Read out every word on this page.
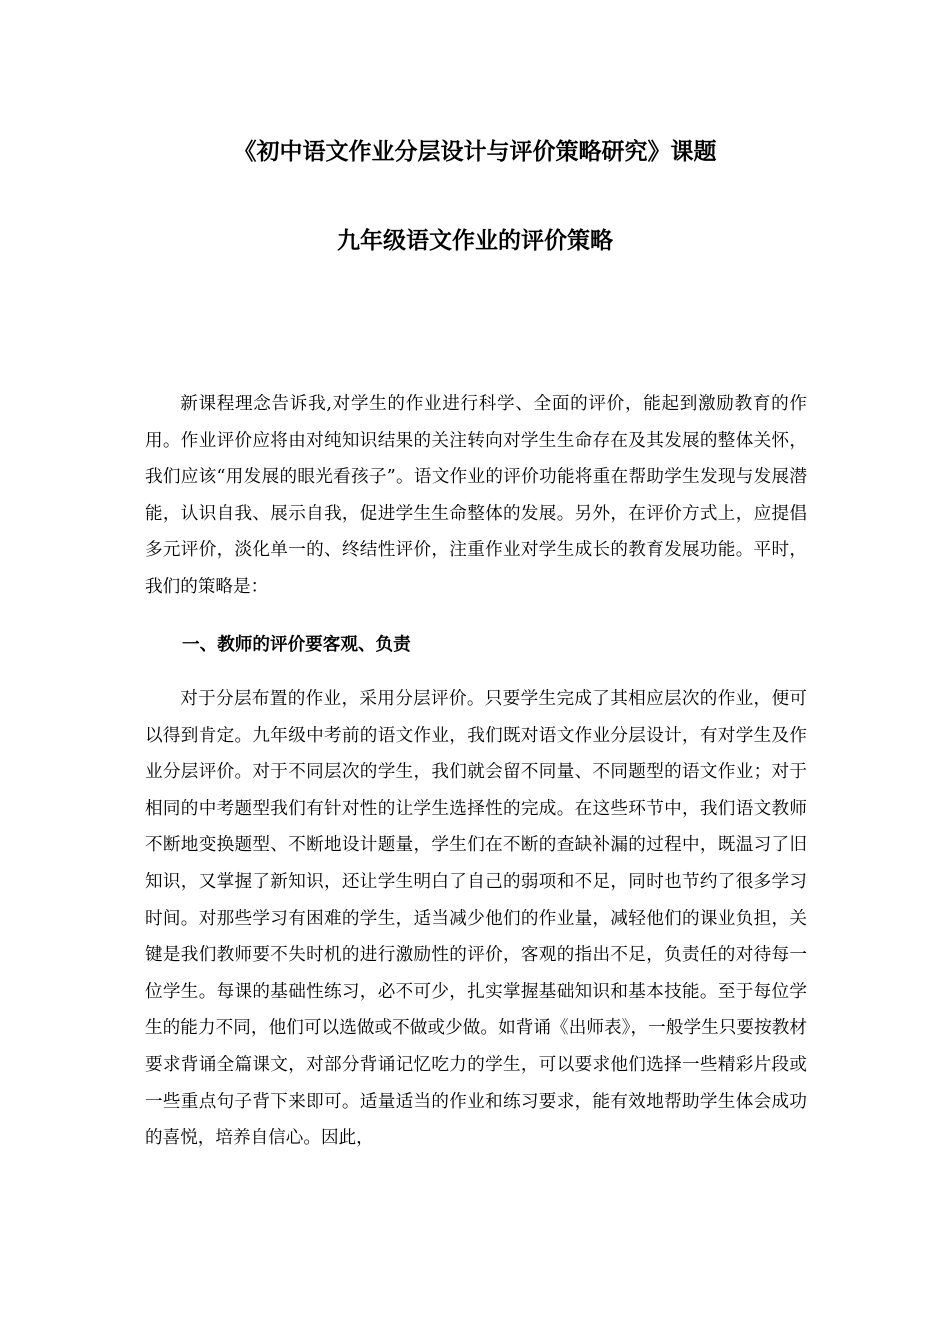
《初中语文作业分层设计与评价策略研究》课题
九年级语文作业的评价策略

新课程理念告诉我,对学生的作业进行科学、全面的评价，能起到激励教育的作用。作业评价应将由对纯知识结果的关注转向对学生生命存在及其发展的整体关怀，我们应该“用发展的眼光看孩子”。语文作业的评价功能将重在帮助学生发现与发展潜能，认识自我、展示自我，促进学生生命整体的发展。另外，在评价方式上，应提倡多元评价，淡化单一的、终结性评价，注重作业对学生成长的教育发展功能。平时，我们的策略是：

一、教师的评价要客观、负责

对于分层布置的作业，采用分层评价。只要学生完成了其相应层次的作业，便可以得到肯定。九年级中考前的语文作业，我们既对语文作业分层设计，有对学生及作业分层评价。对于不同层次的学生，我们就会留不同量、不同题型的语文作业；对于相同的中考题型我们有针对性的让学生选择性的完成。在这些环节中，我们语文教师不断地变换题型、不断地设计题量，学生们在不断的查缺补漏的过程中，既温习了旧知识，又掌握了新知识，还让学生明白了自己的弱项和不足，同时也节约了很多学习时间。对那些学习有困难的学生，适当减少他们的作业量，减轻他们的课业负担，关键是我们教师要不失时机的进行激励性的评价，客观的指出不足，负责任的对待每一位学生。每课的基础性练习，必不可少，扎实掌握基础知识和基本技能。至于每位学生的能力不同，他们可以选做或不做或少做。如背诵《出师表》，一般学生只要按教材要求背诵全篇课文，对部分背诵记忆吃力的学生，可以要求他们选择一些精彩片段或一些重点句子背下来即可。适量适当的作业和练习要求，能有效地帮助学生体会成功的喜悦，培养自信心。因此，
